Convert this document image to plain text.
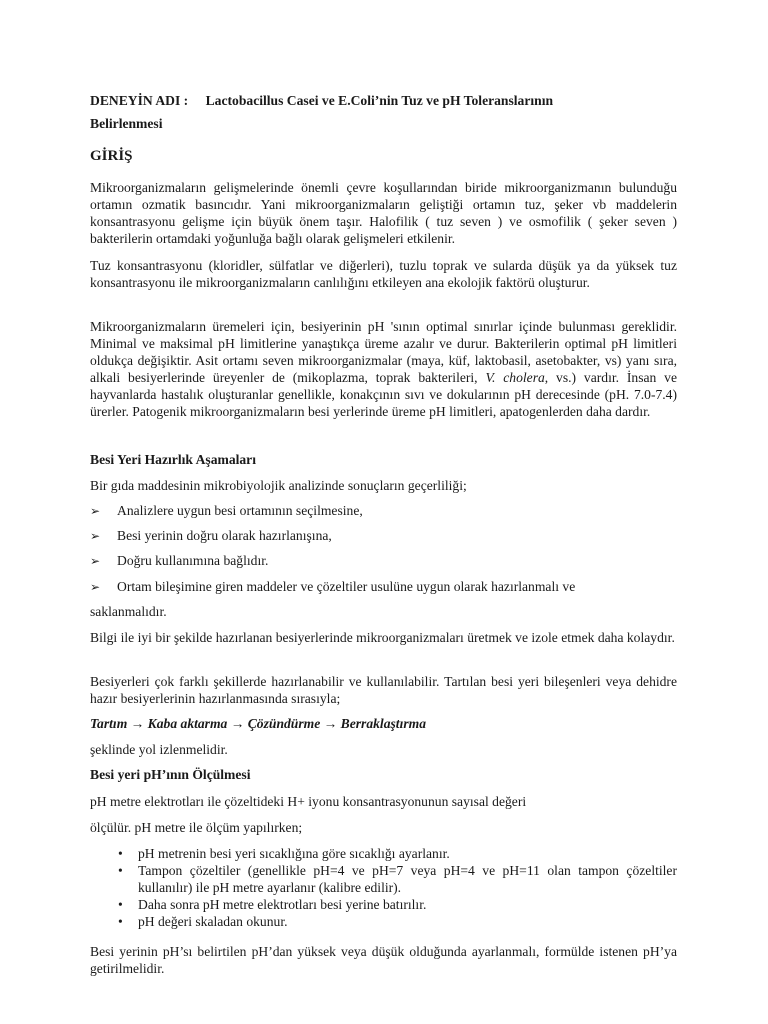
DENEYİN ADI : Lactobacillus Casei ve E.Coli’nin Tuz ve pH Toleranslarının
Belirlenmesi
GİRİŞ

Mikroorganizmaların gelişmelerinde önemli çevre koşullarından biride mikroorganizmanın bulunduğu ortamın ozmatik basıncıdır. Yani mikroorganizmaların geliştiği ortamın tuz, şeker vb maddelerin konsantrasyonu gelişme için büyük önem taşır. Halofilik ( tuz seven ) ve osmofilik ( şeker seven ) bakterilerin ortamdaki yoğunluğa bağlı olarak gelişmeleri etkilenir.

Tuz konsantrasyonu (kloridler, sülfatlar ve diğerleri), tuzlu toprak ve sularda düşük ya da yüksek tuz konsantrasyonu ile mikroorganizmaların canlılığını etkileyen ana ekolojik faktörü oluşturur.

Mikroorganizmaların üremeleri için, besiyerinin pH 'sının optimal sınırlar içinde bulunması gereklidir. Minimal ve maksimal pH limitlerine yanaştıkça üreme azalır ve durur. Bakterilerin optimal pH limitleri oldukça değişiktir. Asit ortamı seven mikroorganizmalar (maya, küf, laktobasil, asetobakter, vs) yanı sıra, alkali besiyerlerinde üreyenler de (mikoplazma, toprak bakterileri, V. cholera, vs.) vardır. İnsan ve hayvanlarda hastalık oluşturanlar genellikle, konakçının sıvı ve dokularının pH derecesinde (pH. 7.0-7.4) ürerler. Patogenik mikroorganizmaların besi yerlerinde üreme pH limitleri, apatogenlerden daha dardır.

Besi Yeri Hazırlık Aşamaları
Bir gıda maddesinin mikrobiyolojik analizinde sonuçların geçerliliği;
➢ Analizlere uygun besi ortamının seçilmesine,
➢ Besi yerinin doğru olarak hazırlanışına,
➢ Doğru kullanımına bağlıdır.
➢ Ortam bileşimine giren maddeler ve çözeltiler usulüne uygun olarak hazırlanmalı ve
saklanmalıdır.

Bilgi ile iyi bir şekilde hazırlanan besiyerlerinde mikroorganizmaları üretmek ve izole etmek daha kolaydır.

Besiyerleri çok farklı şekillerde hazırlanabilir ve kullanılabilir. Tartılan besi yeri bileşenleri veya dehidre hazır besiyerlerinin hazırlanmasında sırasıyla;

Tartım → Kaba aktarma → Çözündürme → Berraklaştırma
şeklinde yol izlenmelidir.
Besi yeri pH’ının Ölçülmesi
pH metre elektrotları ile çözeltideki H+ iyonu konsantrasyonunun sayısal değeri
ölçülür. pH metre ile ölçüm yapılırken;
• pH metrenin besi yeri sıcaklığına göre sıcaklığı ayarlanır.
• Tampon çözeltiler (genellikle pH=4 ve pH=7 veya pH=4 ve pH=11 olan tampon çözeltiler kullanılır) ile pH metre ayarlanır (kalibre edilir).
• Daha sonra pH metre elektrotları besi yerine batırılır.
• pH değeri skaladan okunur.

Besi yerinin pH’sı belirtilen pH’dan yüksek veya düşük olduğunda ayarlanmalı, formülde istenen pH’ya getirilmelidir.
